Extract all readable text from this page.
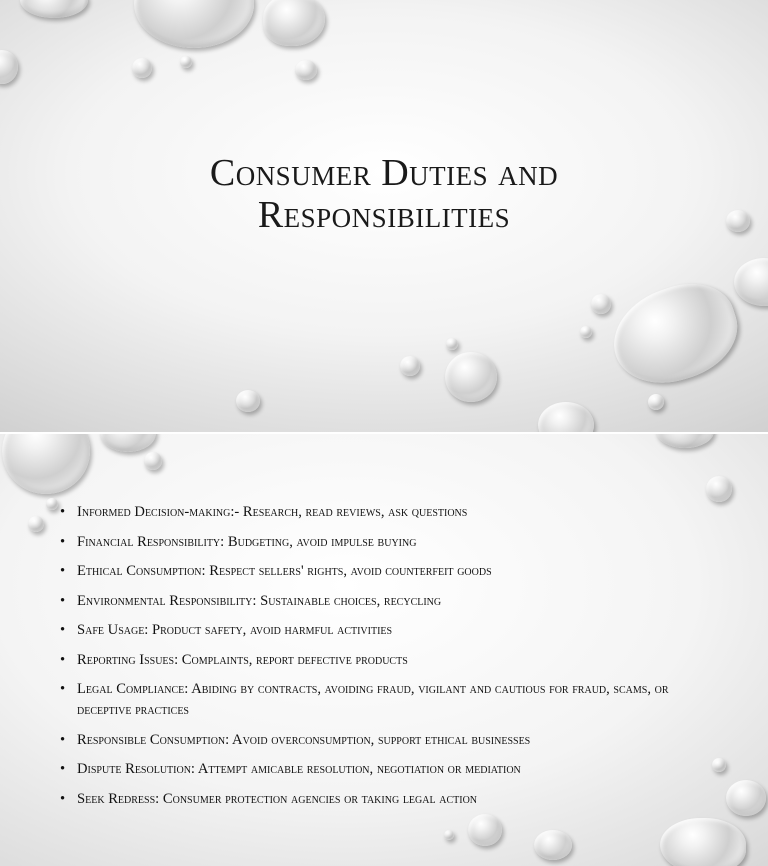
Consumer Duties and
Responsibilities
• Informed Decision-making:- Research, read reviews, ask questions
• Financial Responsibility: Budgeting, avoid impulse buying
• Ethical Consumption: Respect sellers' rights, avoid counterfeit goods
• Environmental Responsibility: Sustainable choices, recycling
• Safe Usage: Product safety, avoid harmful activities
• Reporting Issues: Complaints, report defective products
• Legal Compliance: Abiding by contracts, avoiding fraud, vigilant and cautious for fraud, scams, or deceptive practices
• Responsible Consumption: Avoid overconsumption, support ethical businesses
• Dispute Resolution: Attempt amicable resolution, negotiation or mediation
• Seek Redress: Consumer protection agencies or taking legal action
